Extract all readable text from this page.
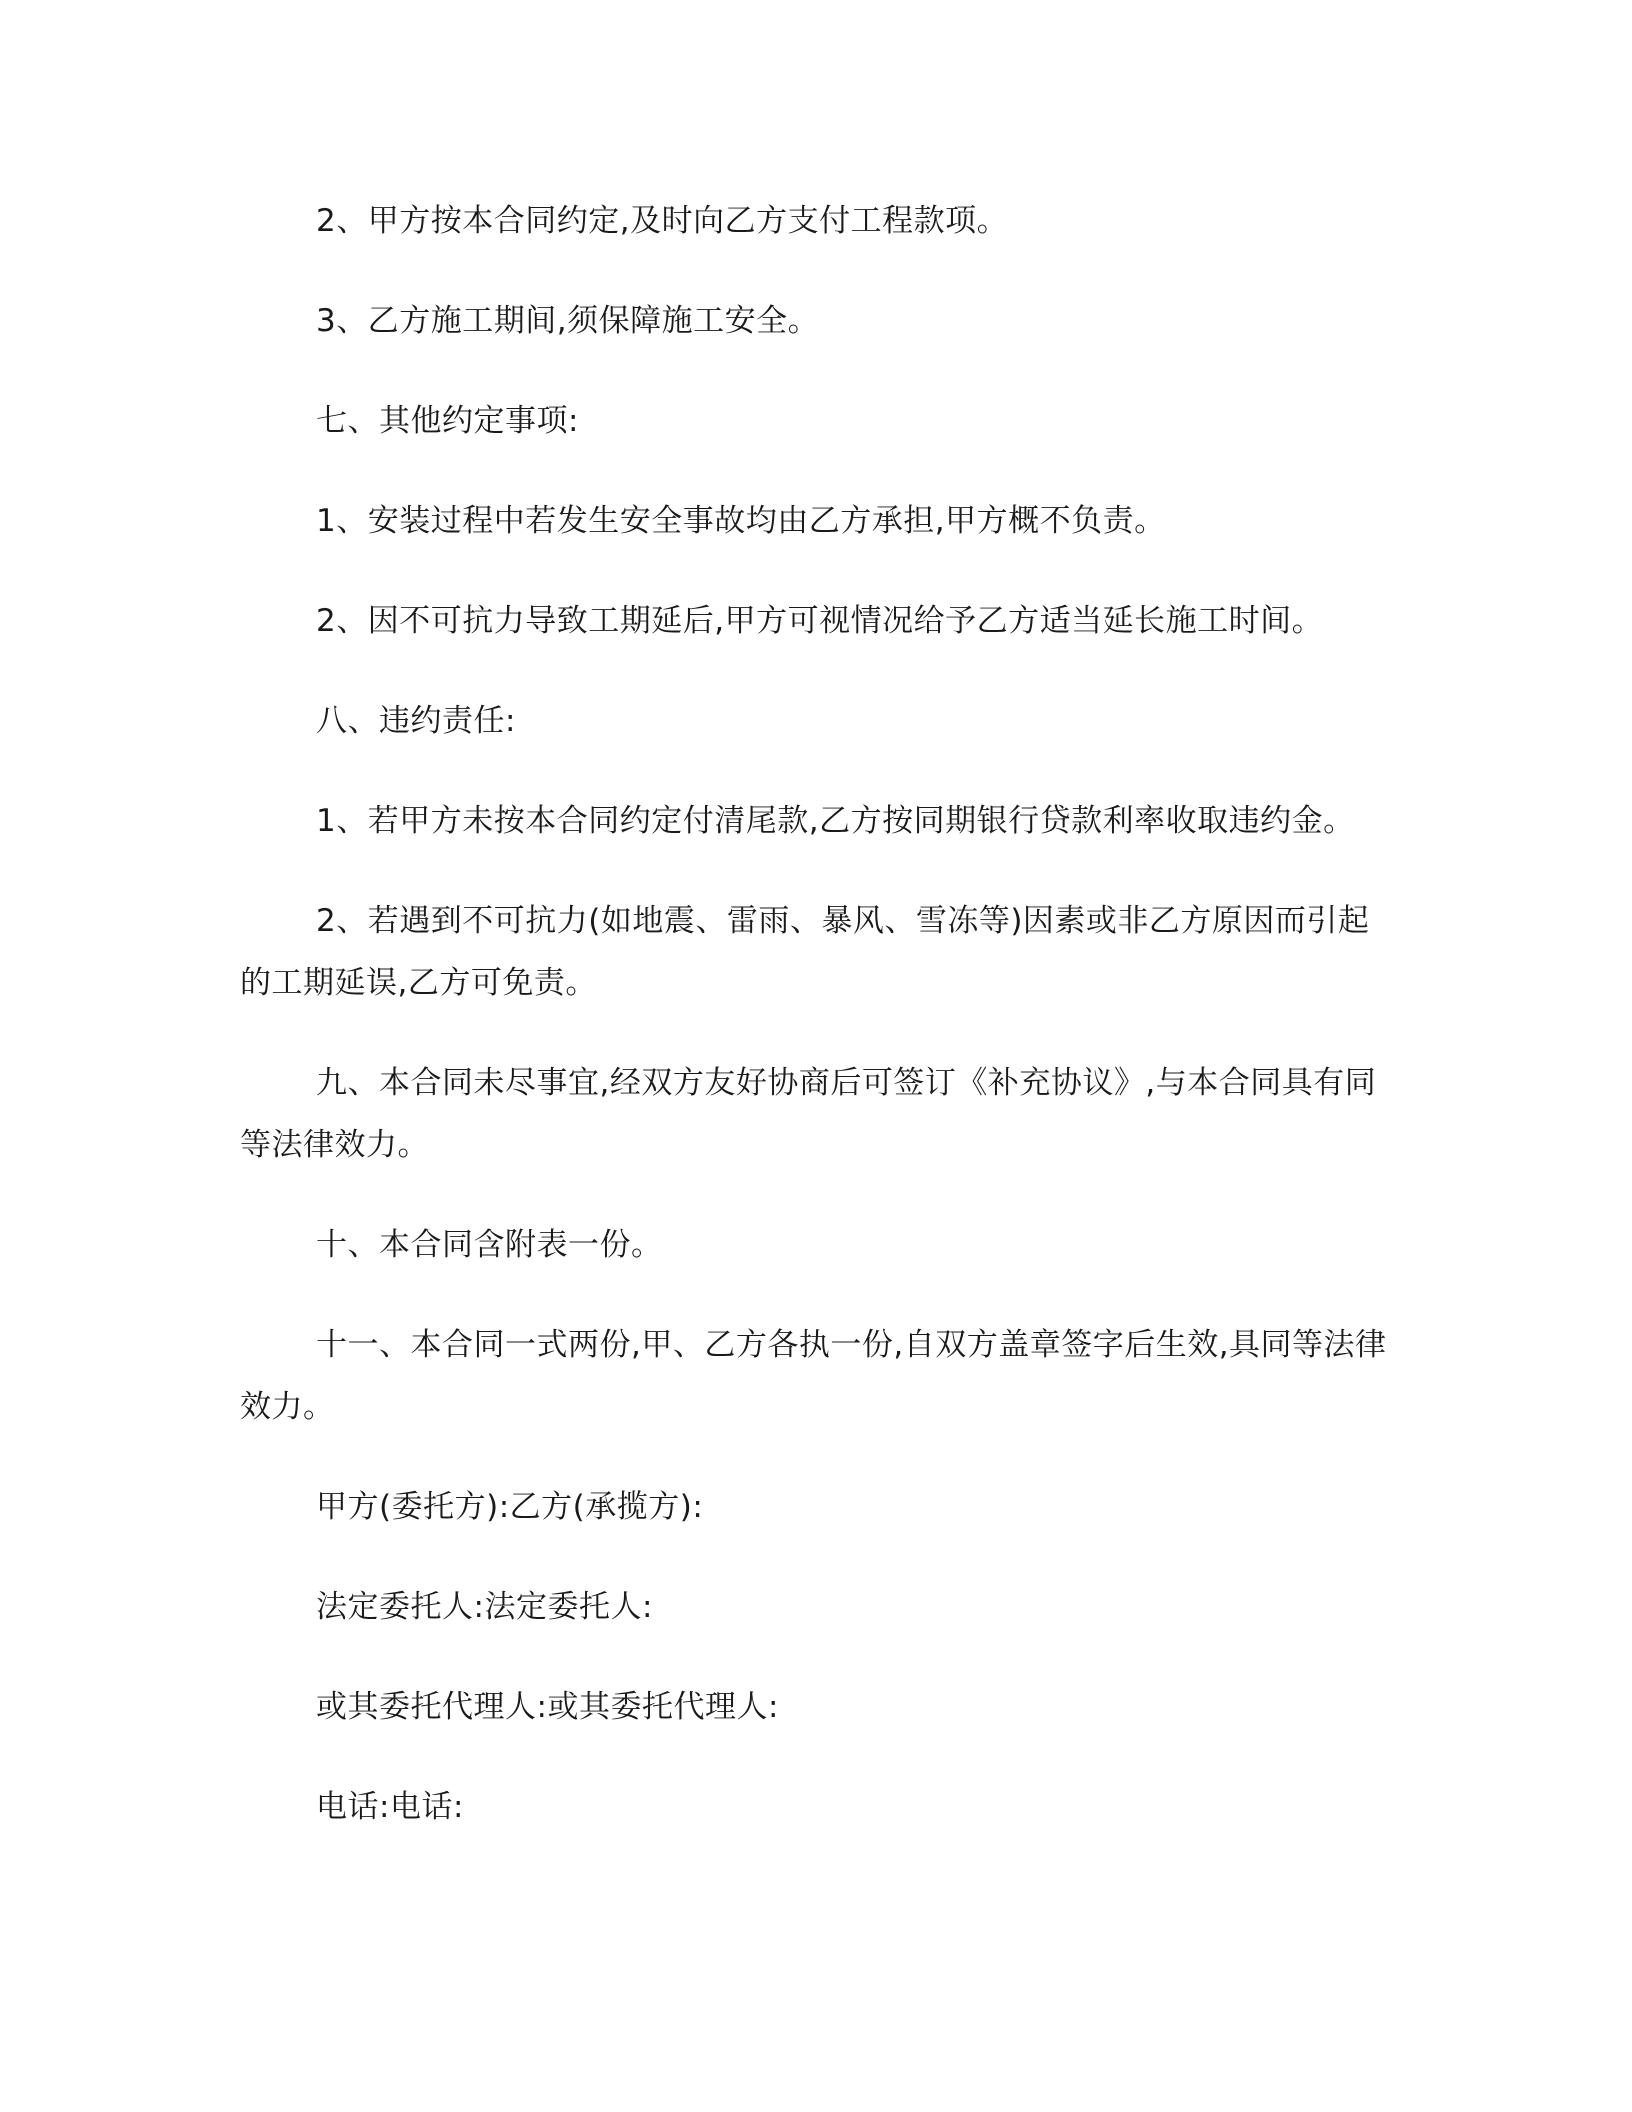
2、甲方按本合同约定,及时向乙方支付工程款项。

3、乙方施工期间,须保障施工安全。

七、其他约定事项:

1、安装过程中若发生安全事故均由乙方承担,甲方概不负责。

2、因不可抗力导致工期延后,甲方可视情况给予乙方适当延长施工时间。

八、违约责任:

1、若甲方未按本合同约定付清尾款,乙方按同期银行贷款利率收取违约金。

2、若遇到不可抗力(如地震、雷雨、暴风、雪冻等)因素或非乙方原因而引起的工期延误,乙方可免责。

九、本合同未尽事宜,经双方友好协商后可签订《补充协议》,与本合同具有同等法律效力。

十、本合同含附表一份。

十一、本合同一式两份,甲、乙方各执一份,自双方盖章签字后生效,具同等法律效力。

甲方(委托方):乙方(承揽方):

法定委托人:法定委托人:

或其委托代理人:或其委托代理人:

电话:电话:
